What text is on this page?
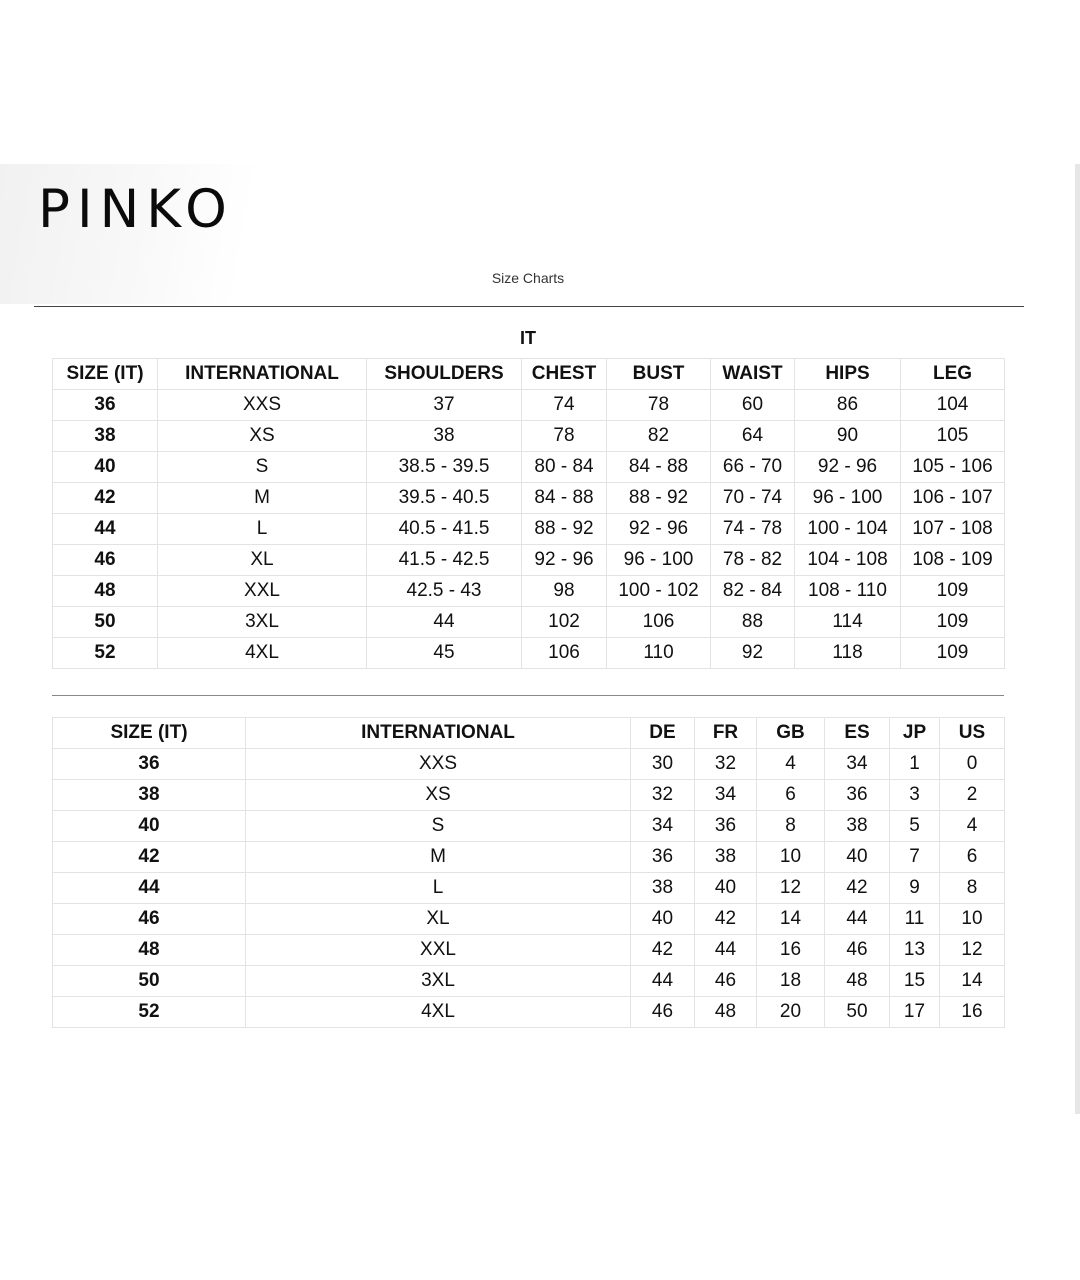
PINKO
Size Charts
IT
SIZE (IT)	INTERNATIONAL	SHOULDERS	CHEST	BUST	WAIST	HIPS	LEG
36	XXS	37	74	78	60	86	104
38	XS	38	78	82	64	90	105
40	S	38.5 - 39.5	80 - 84	84 - 88	66 - 70	92 - 96	105 - 106
42	M	39.5 - 40.5	84 - 88	88 - 92	70 - 74	96 - 100	106 - 107
44	L	40.5 - 41.5	88 - 92	92 - 96	74 - 78	100 - 104	107 - 108
46	XL	41.5 - 42.5	92 - 96	96 - 100	78 - 82	104 - 108	108 - 109
48	XXL	42.5 - 43	98	100 - 102	82 - 84	108 - 110	109
50	3XL	44	102	106	88	114	109
52	4XL	45	106	110	92	118	109
SIZE (IT)	INTERNATIONAL	DE	FR	GB	ES	JP	US
36	XXS	30	32	4	34	1	0
38	XS	32	34	6	36	3	2
40	S	34	36	8	38	5	4
42	M	36	38	10	40	7	6
44	L	38	40	12	42	9	8
46	XL	40	42	14	44	11	10
48	XXL	42	44	16	46	13	12
50	3XL	44	46	18	48	15	14
52	4XL	46	48	20	50	17	16
